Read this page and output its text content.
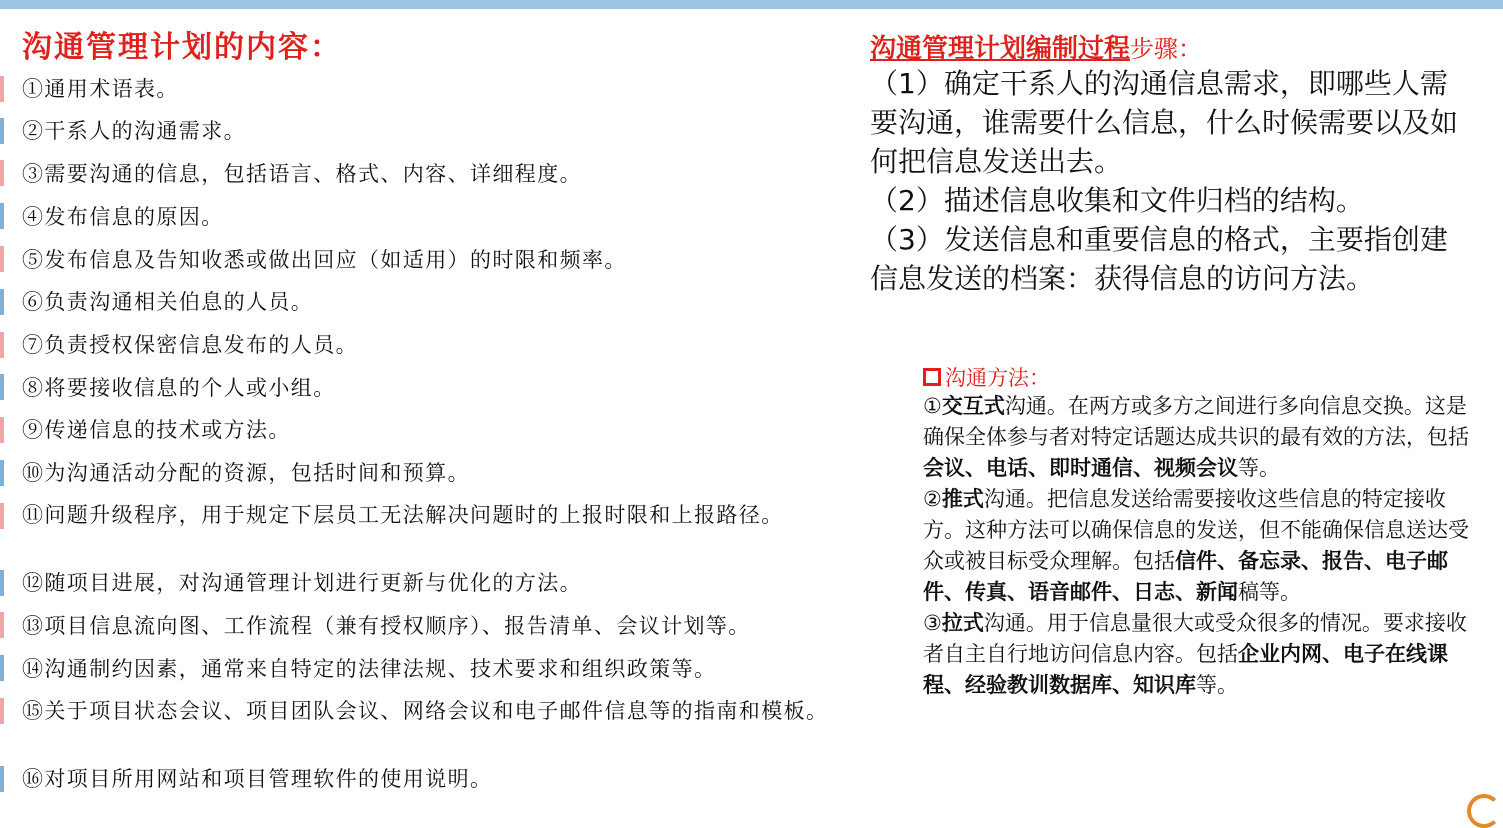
沟通管理计划的内容：
①通用术语表。
②干系人的沟通需求。
③需要沟通的信息，包括语言、格式、内容、详细程度。
④发布信息的原因。
⑤发布信息及告知收悉或做出回应（如适用）的时限和频率。
⑥负责沟通相关伯息的人员。
⑦负责授权保密信息发布的人员。
⑧将要接收信息的个人或小组。
⑨传递信息的技术或方法。
⑩为沟通活动分配的资源，包括时间和预算。
⑪问题升级程序，用于规定下层员工无法解决问题时的上报时限和上报路径。
⑫随项目进展，对沟通管理计划进行更新与优化的方法。
⑬项目信息流向图、工作流程（兼有授权顺序）、报告清单、会议计划等。
⑭沟通制约因素，通常来自特定的法律法规、技术要求和组织政策等。
⑮关于项目状态会议、项目团队会议、网络会议和电子邮件信息等的指南和模板。
⑯对项目所用网站和项目管理软件的使用说明。
沟通管理计划编制过程步骤：

（1）确定干系人的沟通信息需求，即哪些人需要沟通，谁需要什么信息，什么时候需要以及如何把信息发送出去。

（2）描述信息收集和文件归档的结构。

（3）发送信息和重要信息的格式，主要指创建信息发送的档案：获得信息的访问方法。

沟通方法：

①交互式沟通。在两方或多方之间进行多向信息交换。这是确保全体参与者对特定话题达成共识的最有效的方法，包括会议、电话、即时通信、视频会议等。

②推式沟通。把信息发送给需要接收这些信息的特定接收方。这种方法可以确保信息的发送，但不能确保信息送达受众或被目标受众理解。包括信件、备忘录、报告、电子邮件、传真、语音邮件、日志、新闻稿等。

③拉式沟通。用于信息量很大或受众很多的情况。要求接收者自主自行地访问信息内容。包括企业内网、电子在线课程、经验教训数据库、知识库等。
